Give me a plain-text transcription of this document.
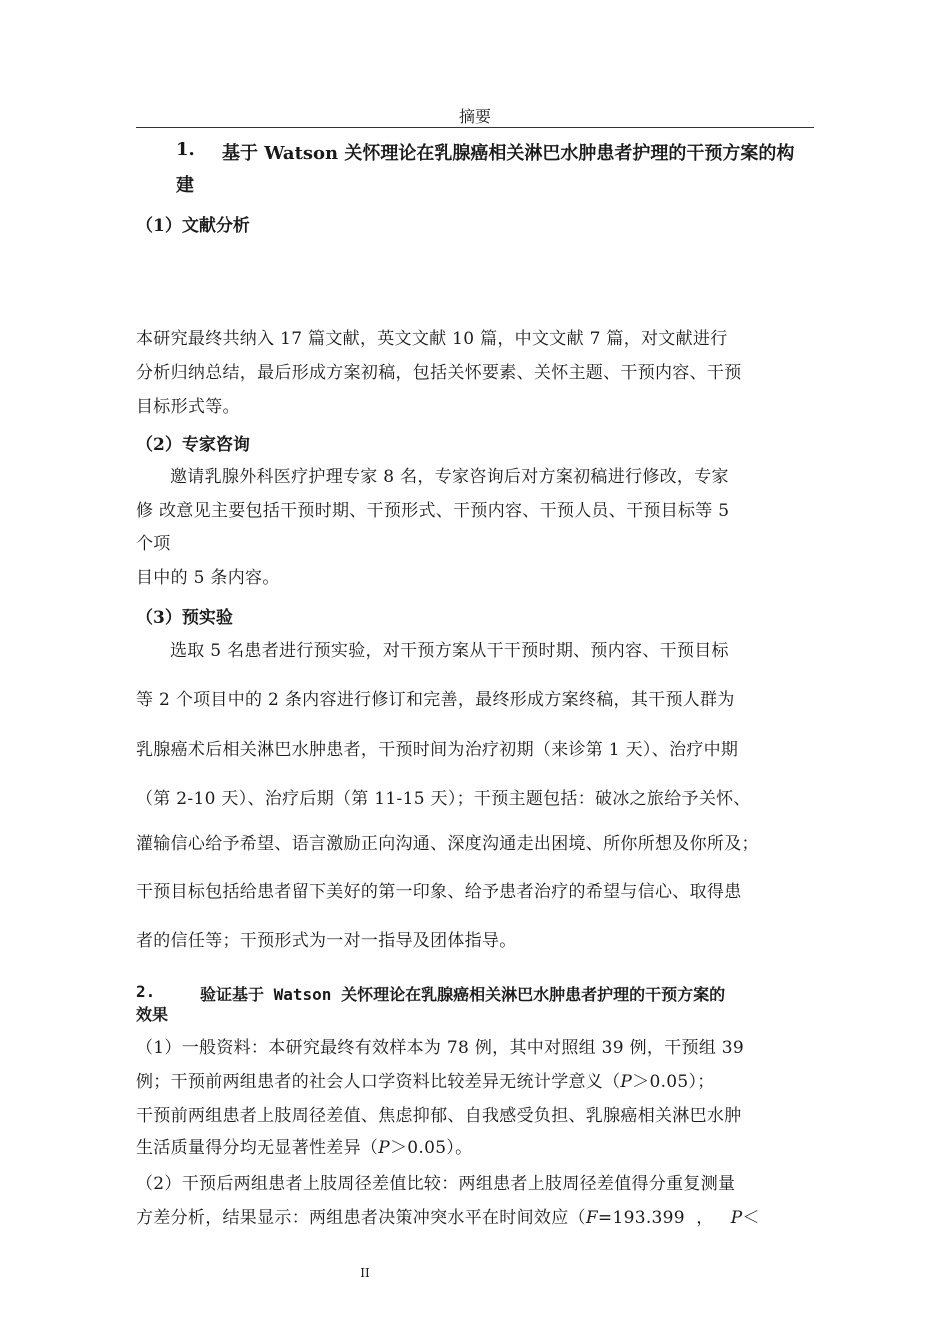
摘要
1. 基于 Watson 关怀理论在乳腺癌相关淋巴水肿患者护理的干预方案的构
建
（1）文献分析
本研究最终共纳入 17 篇文献，英文文献 10 篇，中文文献 7 篇，对文献进行
分析归纳总结，最后形成方案初稿，包括关怀要素、关怀主题、干预内容、干预
目标形式等。
（2）专家咨询
邀请乳腺外科医疗护理专家 8 名，专家咨询后对方案初稿进行修改，专家
修 改意见主要包括干预时期、干预形式、干预内容、干预人员、干预目标等 5
个项
目中的 5 条内容。
（3）预实验
选取 5 名患者进行预实验，对干预方案从干干预时期、预内容、干预目标
等 2 个项目中的 2 条内容进行修订和完善，最终形成方案终稿，其干预人群为
乳腺癌术后相关淋巴水肿患者，干预时间为治疗初期（来诊第 1 天）、治疗中期
（第 2-10 天）、治疗后期（第 11-15 天）；干预主题包括：破冰之旅给予关怀、
灌输信心给予希望、语言激励正向沟通、深度沟通走出困境、所你所想及你所及；
干预目标包括给患者留下美好的第一印象、给予患者治疗的希望与信心、取得患
者的信任等；干预形式为一对一指导及团体指导。
2.	验证基于 Watson 关怀理论在乳腺癌相关淋巴水肿患者护理的干预方案的
效果
（1）一般资料：本研究最终有效样本为 78 例，其中对照组 39 例，干预组 39
例；干预前两组患者的社会人口学资料比较差异无统计学意义（P＞0.05）；
干预前两组患者上肢周径差值、焦虑抑郁、自我感受负担、乳腺癌相关淋巴水肿
生活质量得分均无显著性差异（P＞0.05）。
（2）干预后两组患者上肢周径差值比较：两组患者上肢周径差值得分重复测量
方差分析，结果显示：两组患者决策冲突水平在时间效应（F=193.399  ，   P＜
II
